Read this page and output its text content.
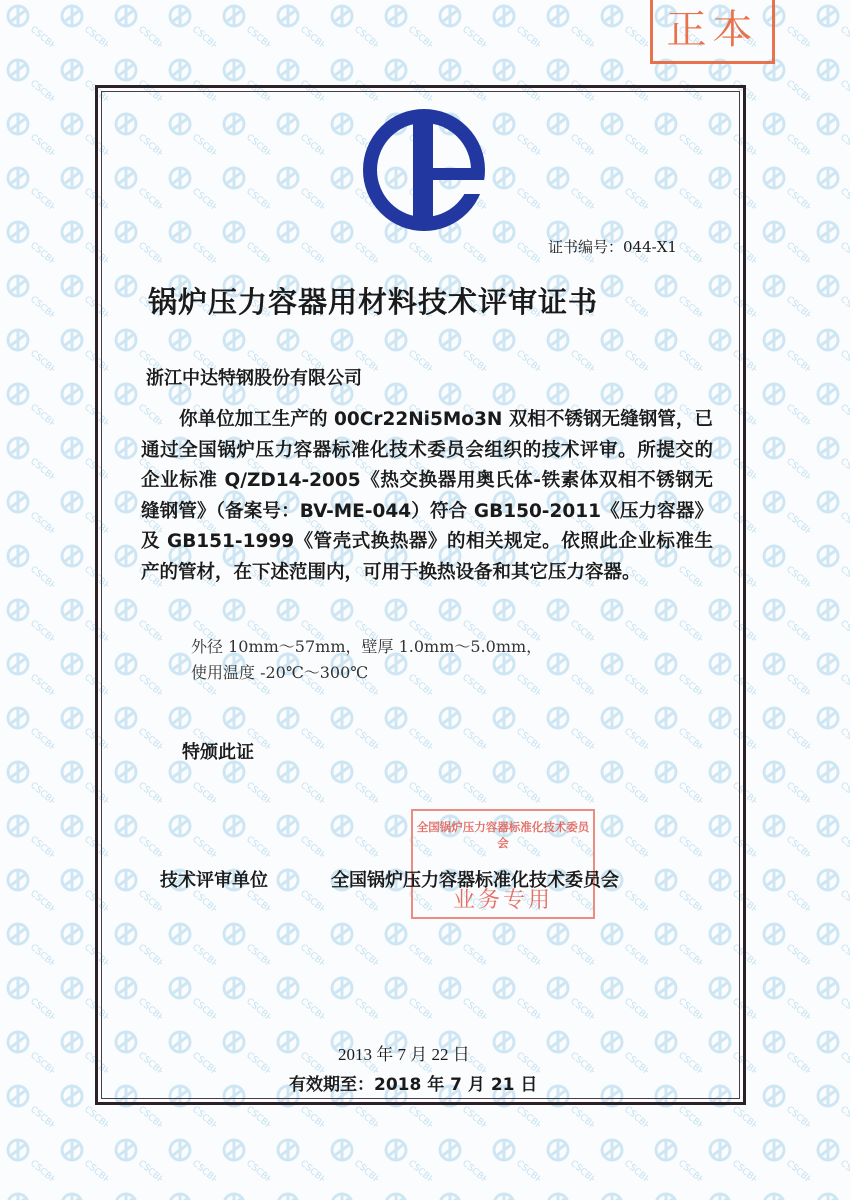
正本
证书编号：044-X1
锅炉压力容器用材料技术评审证书
浙江中达特钢股份有限公司

你单位加工生产的 00Cr22Ni5Mo3N 双相不锈钢无缝钢管，已通过全国锅炉压力容器标准化技术委员会组织的技术评审。所提交的企业标准 Q/ZD14-2005《热交换器用奥氏体-铁素体双相不锈钢无缝钢管》（备案号：BV-ME-044）符合 GB150-2011《压力容器》及 GB151-1999《管壳式换热器》的相关规定。依照此企业标准生产的管材，在下述范围内，可用于换热设备和其它压力容器。

外径 10mm～57mm，壁厚 1.0mm～5.0mm，
使用温度 -20℃～300℃
特颁此证
全国锅炉压力容器标准化技术委员会
业务专用
技术评审单位	全国锅炉压力容器标准化技术委员会
2013 年 7 月 22 日
有效期至：2018 年 7 月 21 日
